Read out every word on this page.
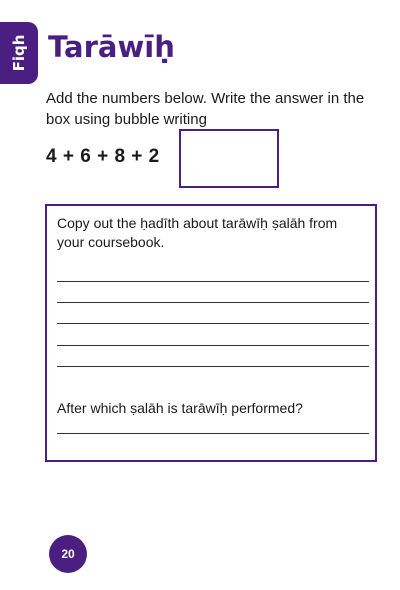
Fiqh Tarāwīḥ

Add the numbers below. Write the answer in the box using bubble writing

4 + 6 + 8 + 2

Copy out the ḥadīth about tarāwīḥ ṣalāh from your coursebook.

After which ṣalāh is tarāwīḥ performed?

20
